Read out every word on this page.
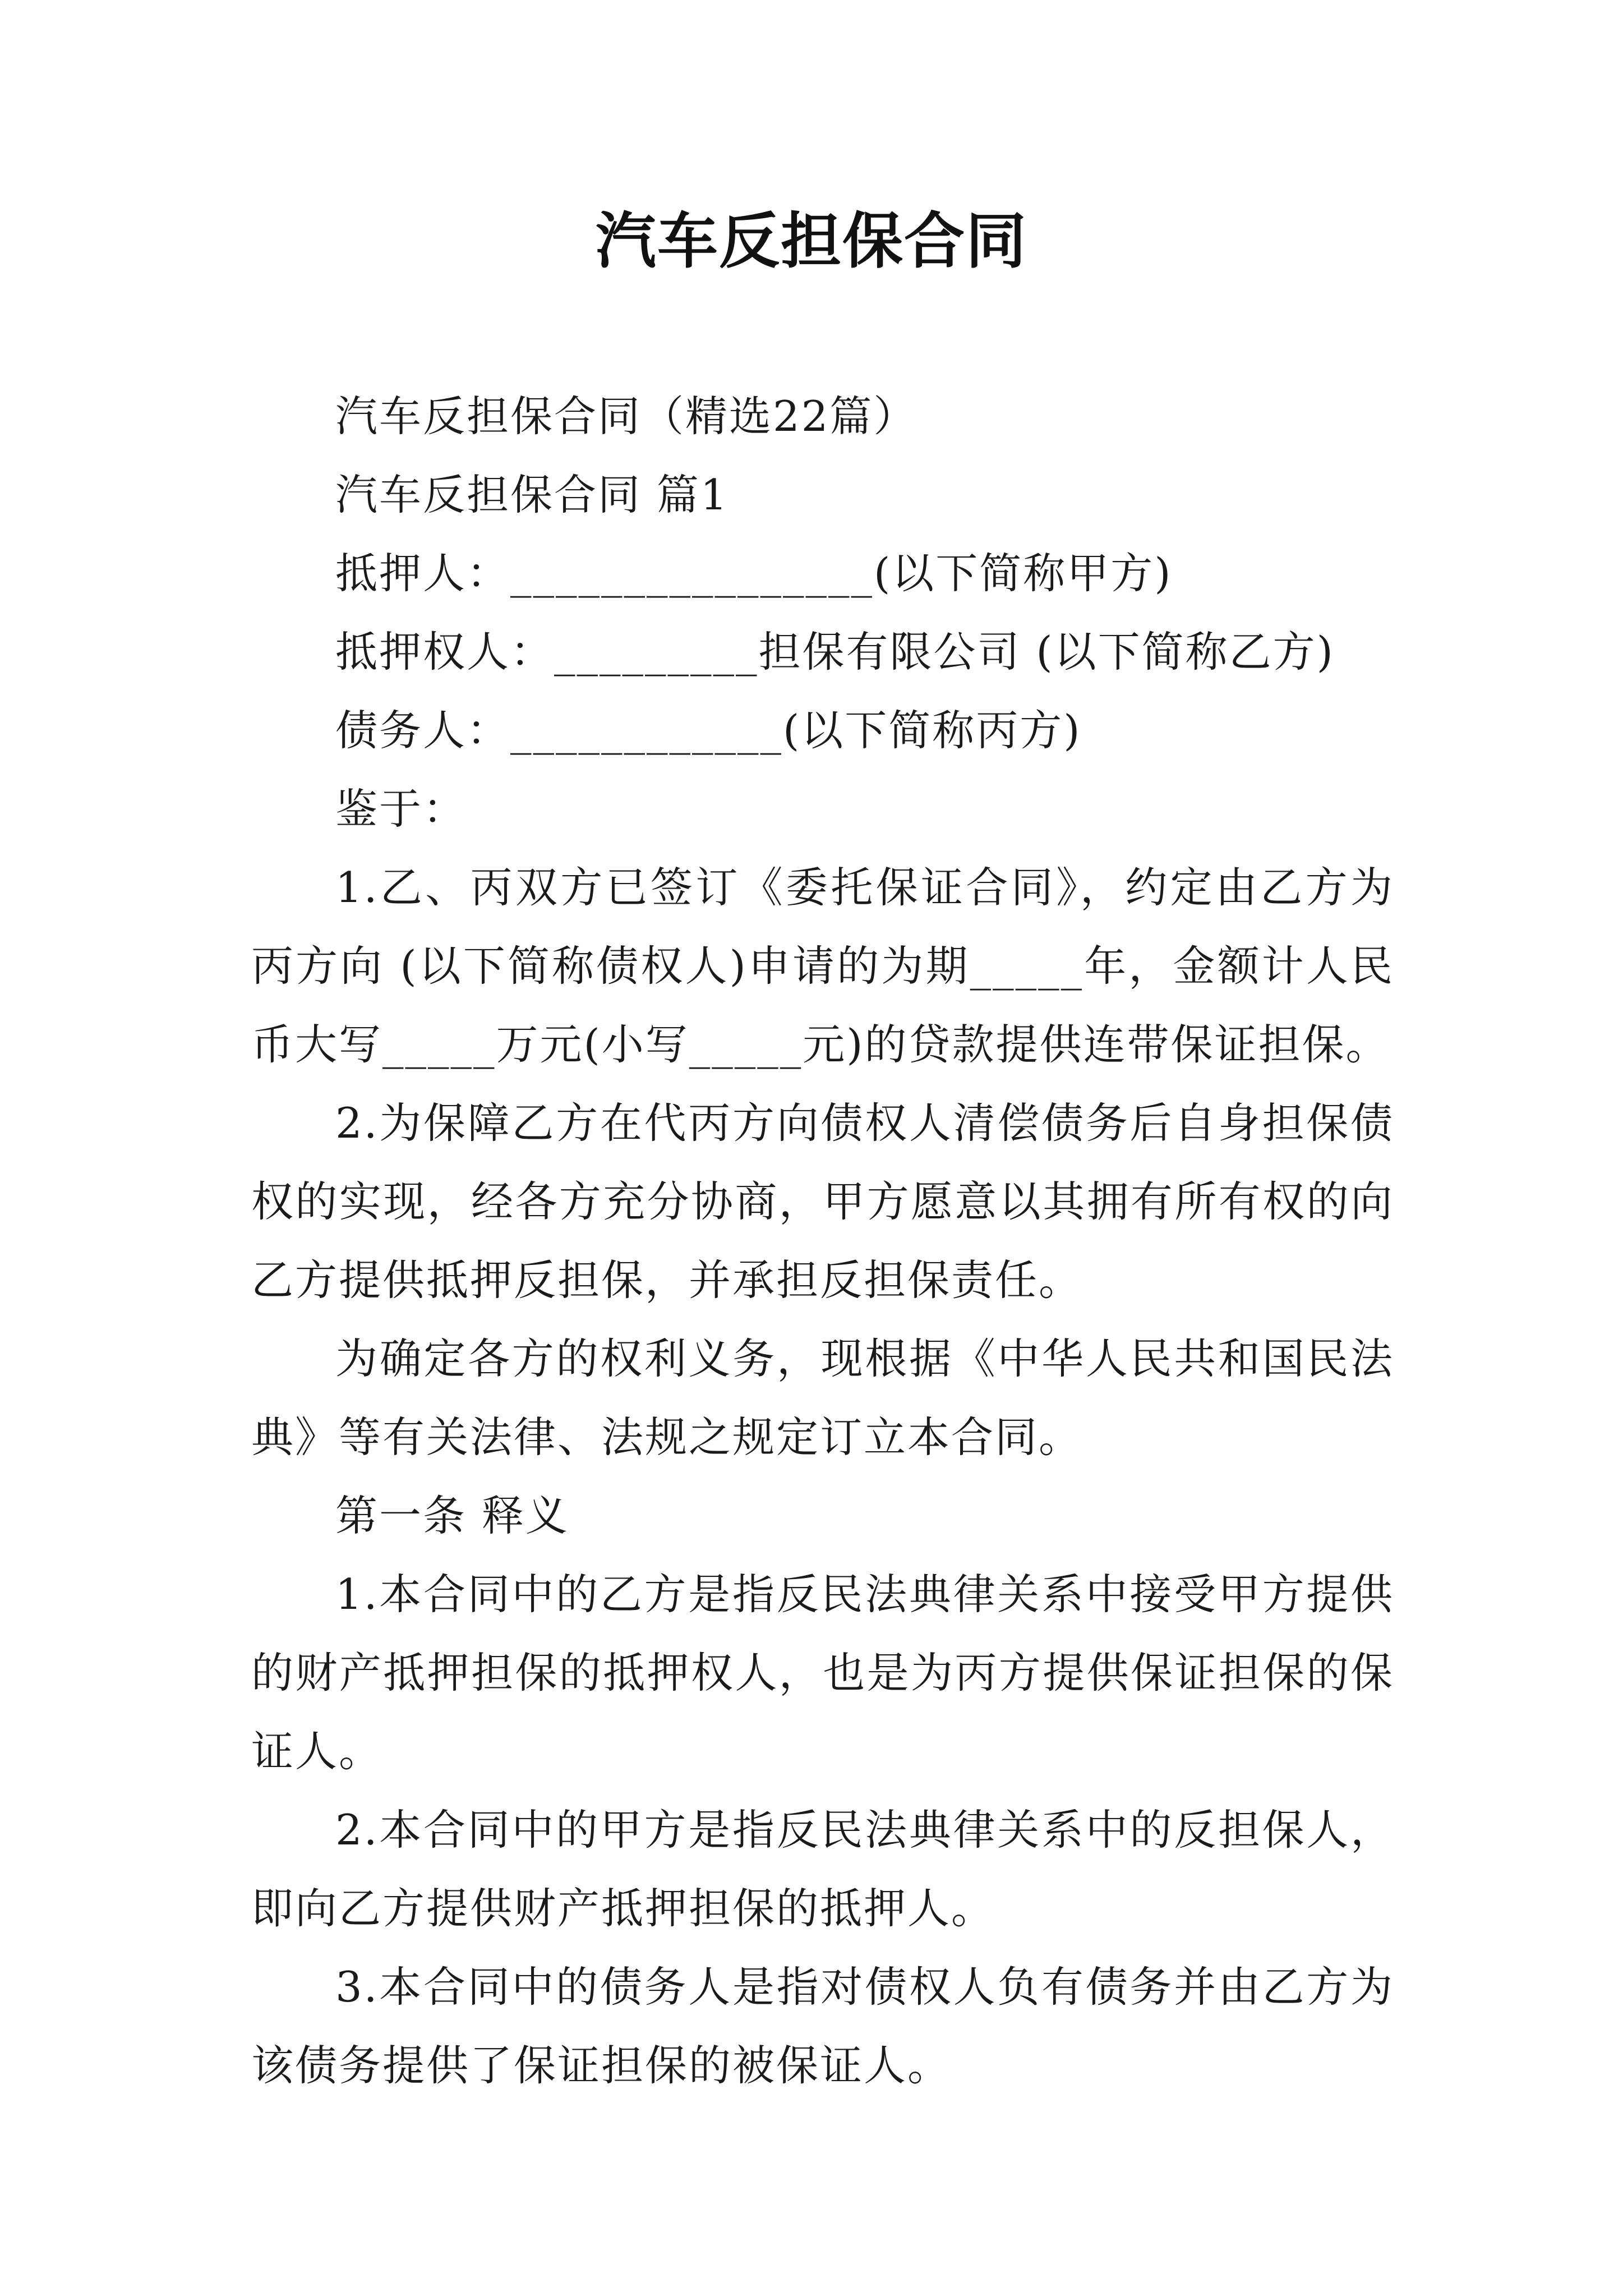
汽车反担保合同

汽车反担保合同（精选22篇）

汽车反担保合同 篇1

抵押人：________________(以下简称甲方)

抵押权人：_________担保有限公司 (以下简称乙方)

债务人：____________(以下简称丙方)

鉴于：

1.乙、丙双方已签订《委托保证合同》，约定由乙方为丙方向 (以下简称债权人)申请的为期_____年，金额计人民币大写_____万元(小写_____元)的贷款提供连带保证担保。

2.为保障乙方在代丙方向债权人清偿债务后自身担保债权的实现，经各方充分协商，甲方愿意以其拥有所有权的向乙方提供抵押反担保，并承担反担保责任。

为确定各方的权利义务，现根据《中华人民共和国民法典》等有关法律、法规之规定订立本合同。

第一条 释义

1.本合同中的乙方是指反民法典律关系中接受甲方提供的财产抵押担保的抵押权人，也是为丙方提供保证担保的保证人。

2.本合同中的甲方是指反民法典律关系中的反担保人，即向乙方提供财产抵押担保的抵押人。

3.本合同中的债务人是指对债权人负有债务并由乙方为该债务提供了保证担保的被保证人。
